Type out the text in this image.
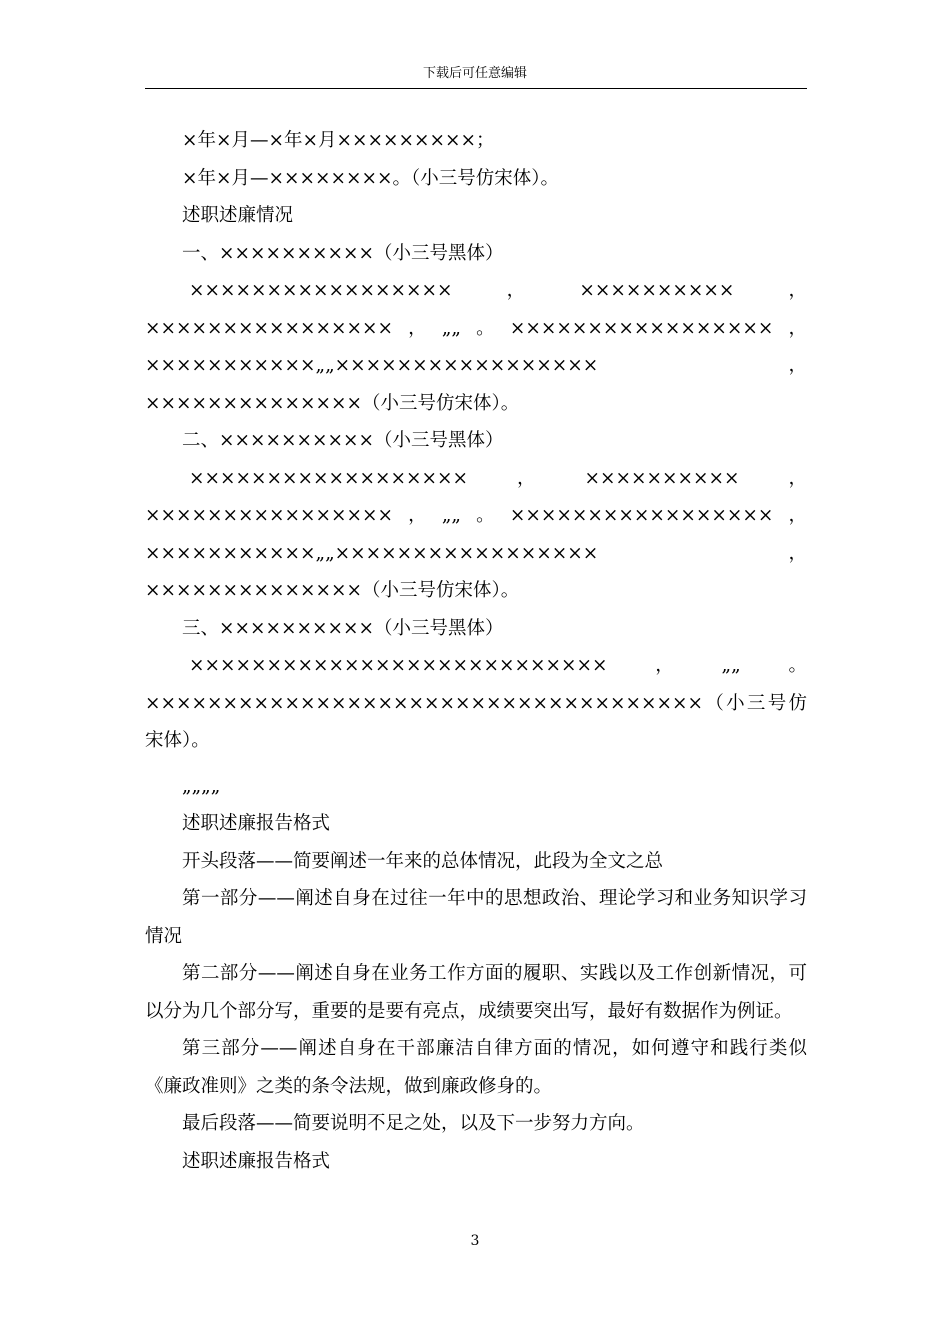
下载后可任意编辑

×年×月—×年×月×××××××××；

×年×月—××××××××。（小三号仿宋体）。

述职述廉情况

一、××××××××××（小三号黑体）

×××××××××××××××××，××××××××××，××××××××××××××××，„„。×××××××××××××××××，×××××××××××„„×××××××××××××××××， ××××××××××××××（小三号仿宋体）。

二、××××××××××（小三号黑体）

××××××××××××××××××，××××××××××，××××××××××××××××，„„。×××××××××××××××××，×××××××××××„„×××××××××××××××××， ××××××××××××××（小三号仿宋体）。

三、××××××××××（小三号黑体）

×××××××××××××××××××××××××××，„„。××××××××××××××××××××××××××××××××××××（小三号仿宋体）。

„„„„

述职述廉报告格式

开头段落——简要阐述一年来的总体情况，此段为全文之总

第一部分——阐述自身在过往一年中的思想政治、理论学习和业务知识学习情况

第二部分——阐述自身在业务工作方面的履职、实践以及工作创新情况，可以分为几个部分写，重要的是要有亮点，成绩要突出写，最好有数据作为例证。

第三部分——阐述自身在干部廉洁自律方面的情况，如何遵守和践行类似《廉政准则》之类的条令法规，做到廉政修身的。

最后段落——简要说明不足之处，以及下一步努力方向。

述职述廉报告格式

3
